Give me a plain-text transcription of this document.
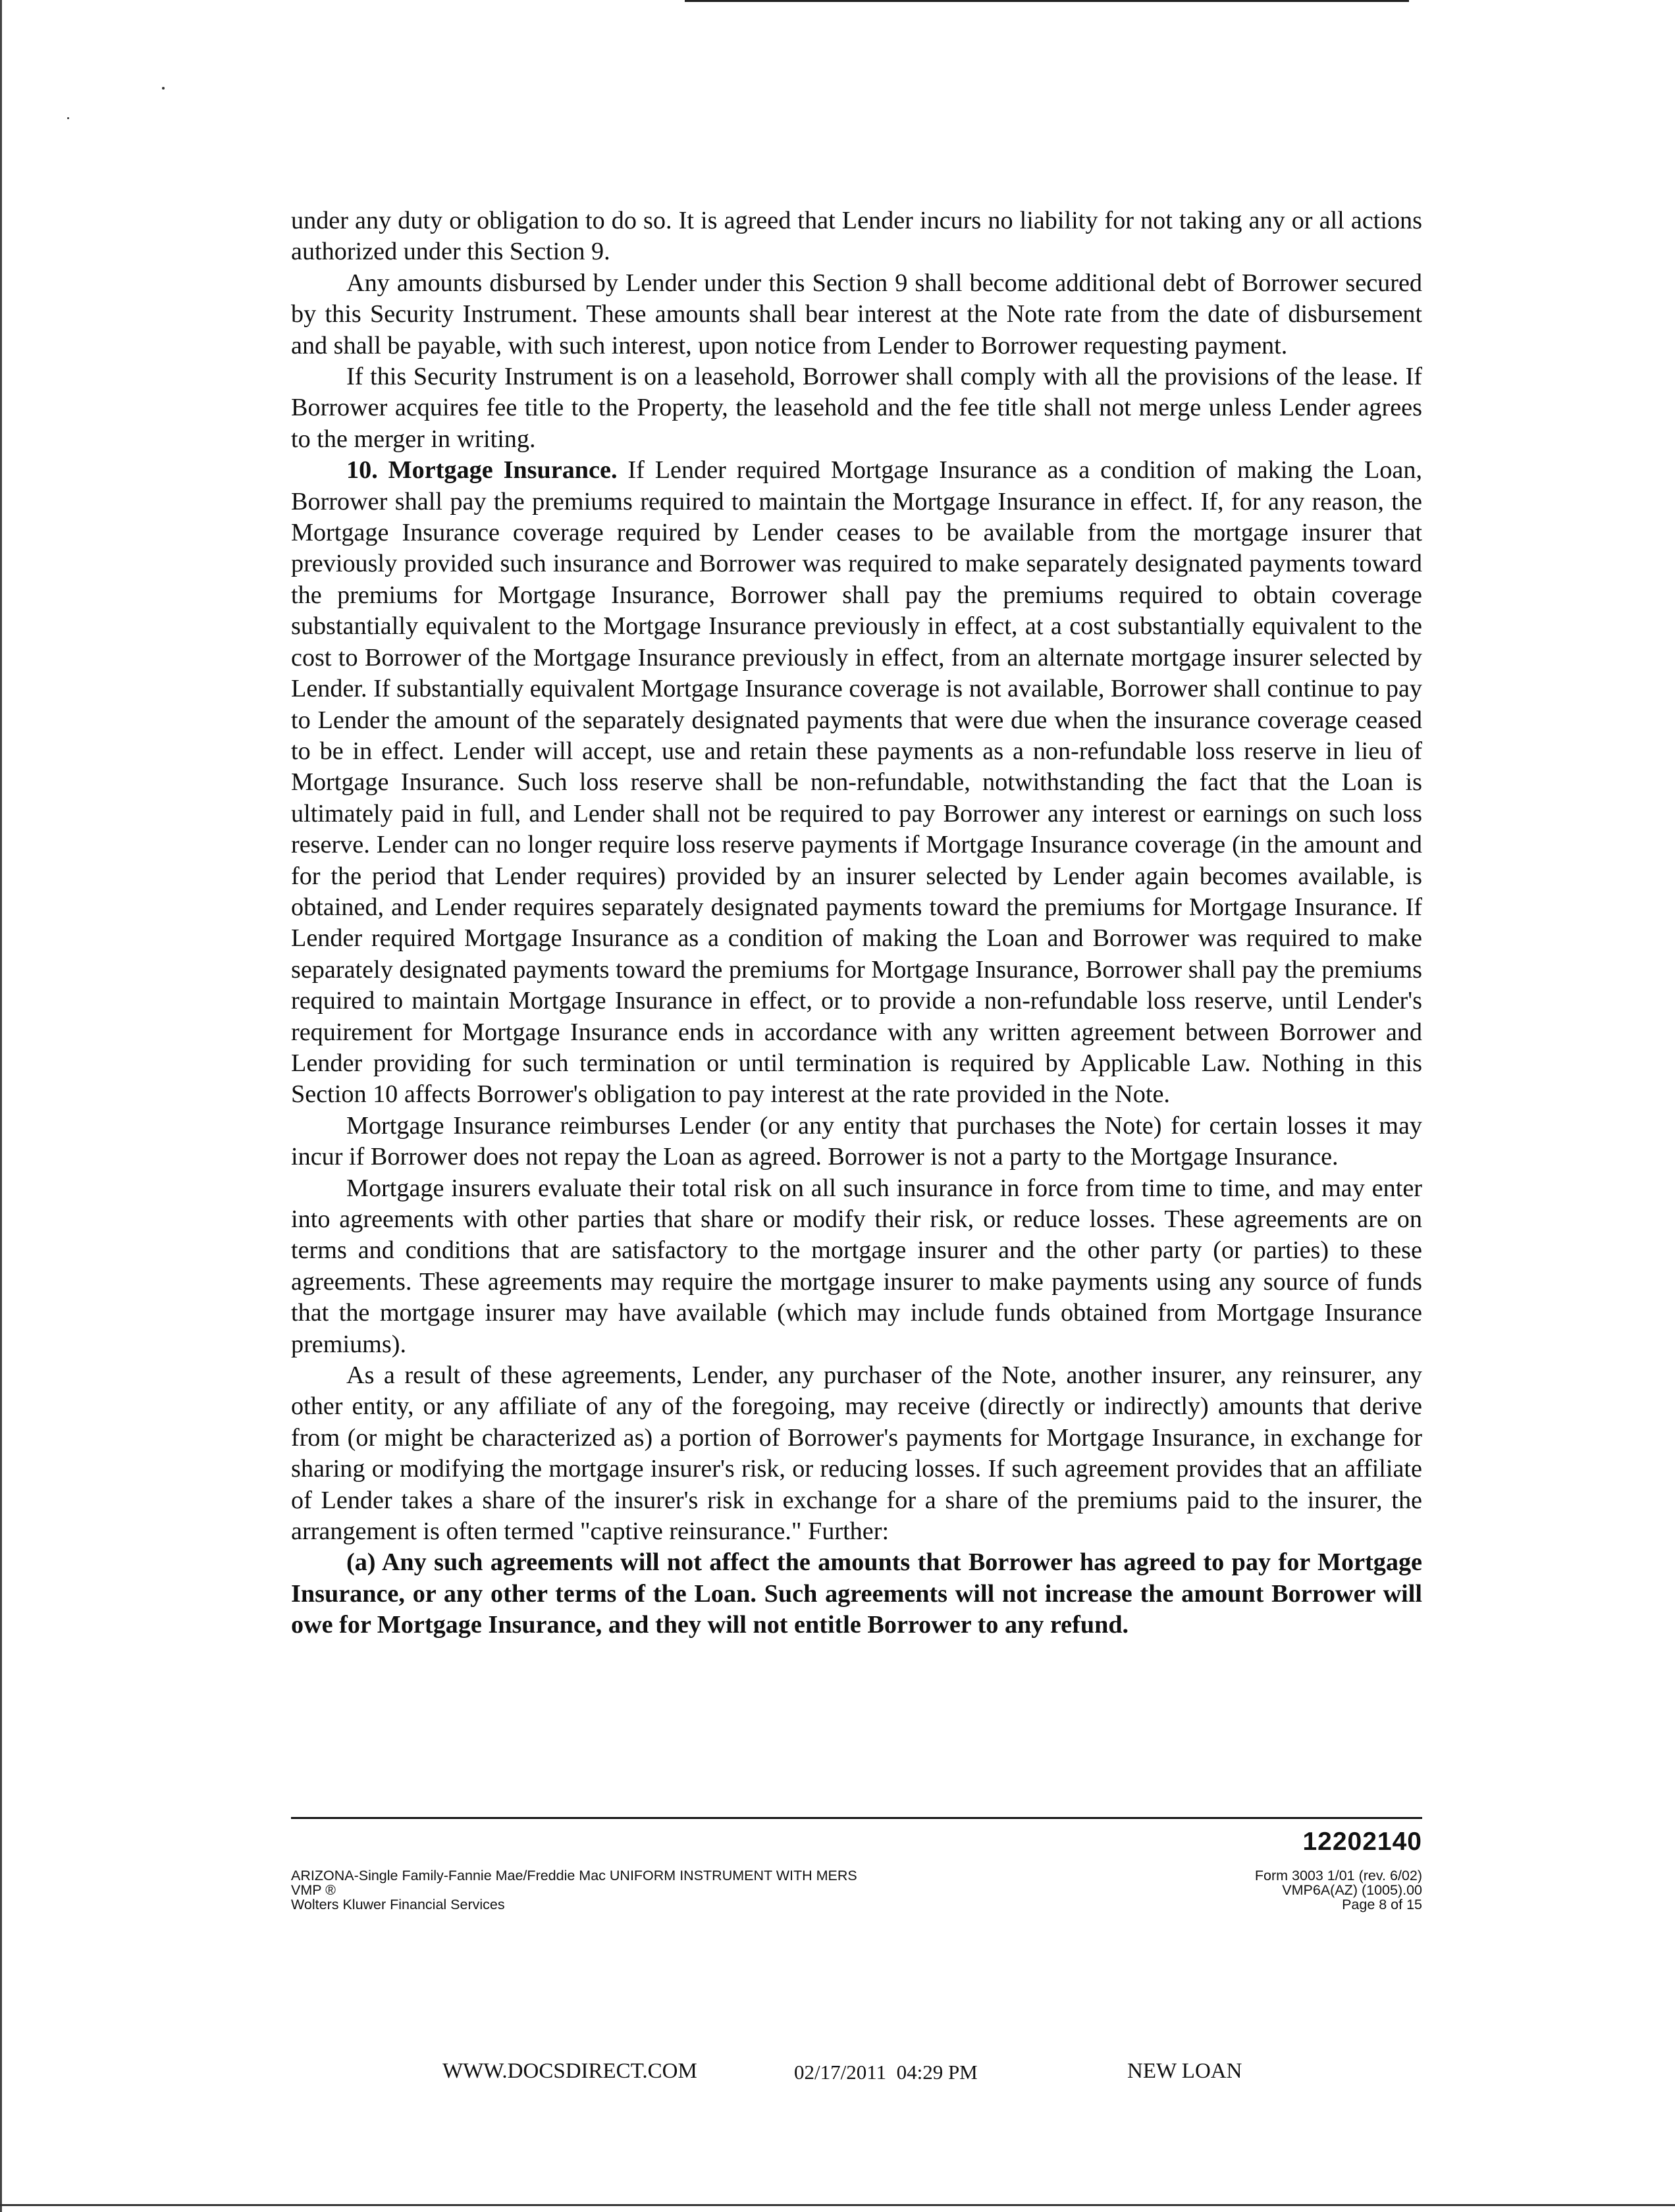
under any duty or obligation to do so. It is agreed that Lender incurs no liability for not taking any or all actions authorized under this Section 9.

Any amounts disbursed by Lender under this Section 9 shall become additional debt of Borrower secured by this Security Instrument. These amounts shall bear interest at the Note rate from the date of disbursement and shall be payable, with such interest, upon notice from Lender to Borrower requesting payment.

If this Security Instrument is on a leasehold, Borrower shall comply with all the provisions of the lease. If Borrower acquires fee title to the Property, the leasehold and the fee title shall not merge unless Lender agrees to the merger in writing.

10. Mortgage Insurance. If Lender required Mortgage Insurance as a condition of making the Loan, Borrower shall pay the premiums required to maintain the Mortgage Insurance in effect. If, for any reason, the Mortgage Insurance coverage required by Lender ceases to be available from the mortgage insurer that previously provided such insurance and Borrower was required to make separately designated payments toward the premiums for Mortgage Insurance, Borrower shall pay the premiums required to obtain coverage substantially equivalent to the Mortgage Insurance previously in effect, at a cost substantially equivalent to the cost to Borrower of the Mortgage Insurance previously in effect, from an alternate mortgage insurer selected by Lender. If substantially equivalent Mortgage Insurance coverage is not available, Borrower shall continue to pay to Lender the amount of the separately designated payments that were due when the insurance coverage ceased to be in effect. Lender will accept, use and retain these payments as a non-refundable loss reserve in lieu of Mortgage Insurance. Such loss reserve shall be non-refundable, notwithstanding the fact that the Loan is ultimately paid in full, and Lender shall not be required to pay Borrower any interest or earnings on such loss reserve. Lender can no longer require loss reserve payments if Mortgage Insurance coverage (in the amount and for the period that Lender requires) provided by an insurer selected by Lender again becomes available, is obtained, and Lender requires separately designated payments toward the premiums for Mortgage Insurance. If Lender required Mortgage Insurance as a condition of making the Loan and Borrower was required to make separately designated payments toward the premiums for Mortgage Insurance, Borrower shall pay the premiums required to maintain Mortgage Insurance in effect, or to provide a non-refundable loss reserve, until Lender's requirement for Mortgage Insurance ends in accordance with any written agreement between Borrower and Lender providing for such termination or until termination is required by Applicable Law. Nothing in this Section 10 affects Borrower's obligation to pay interest at the rate provided in the Note.

Mortgage Insurance reimburses Lender (or any entity that purchases the Note) for certain losses it may incur if Borrower does not repay the Loan as agreed. Borrower is not a party to the Mortgage Insurance.

Mortgage insurers evaluate their total risk on all such insurance in force from time to time, and may enter into agreements with other parties that share or modify their risk, or reduce losses. These agreements are on terms and conditions that are satisfactory to the mortgage insurer and the other party (or parties) to these agreements. These agreements may require the mortgage insurer to make payments using any source of funds that the mortgage insurer may have available (which may include funds obtained from Mortgage Insurance premiums).

As a result of these agreements, Lender, any purchaser of the Note, another insurer, any reinsurer, any other entity, or any affiliate of any of the foregoing, may receive (directly or indirectly) amounts that derive from (or might be characterized as) a portion of Borrower's payments for Mortgage Insurance, in exchange for sharing or modifying the mortgage insurer's risk, or reducing losses. If such agreement provides that an affiliate of Lender takes a share of the insurer's risk in exchange for a share of the premiums paid to the insurer, the arrangement is often termed "captive reinsurance." Further:

(a) Any such agreements will not affect the amounts that Borrower has agreed to pay for Mortgage Insurance, or any other terms of the Loan. Such agreements will not increase the amount Borrower will owe for Mortgage Insurance, and they will not entitle Borrower to any refund.

12202140
ARIZONA-Single Family-Fannie Mae/Freddie Mac UNIFORM INSTRUMENT WITH MERS
VMP ®
Wolters Kluwer Financial Services
Form 3003 1/01 (rev. 6/02)
VMP6A(AZ) (1005).00
Page 8 of 15
WWW.DOCSDIRECT.COM	02/17/2011  04:29 PM	NEW LOAN
